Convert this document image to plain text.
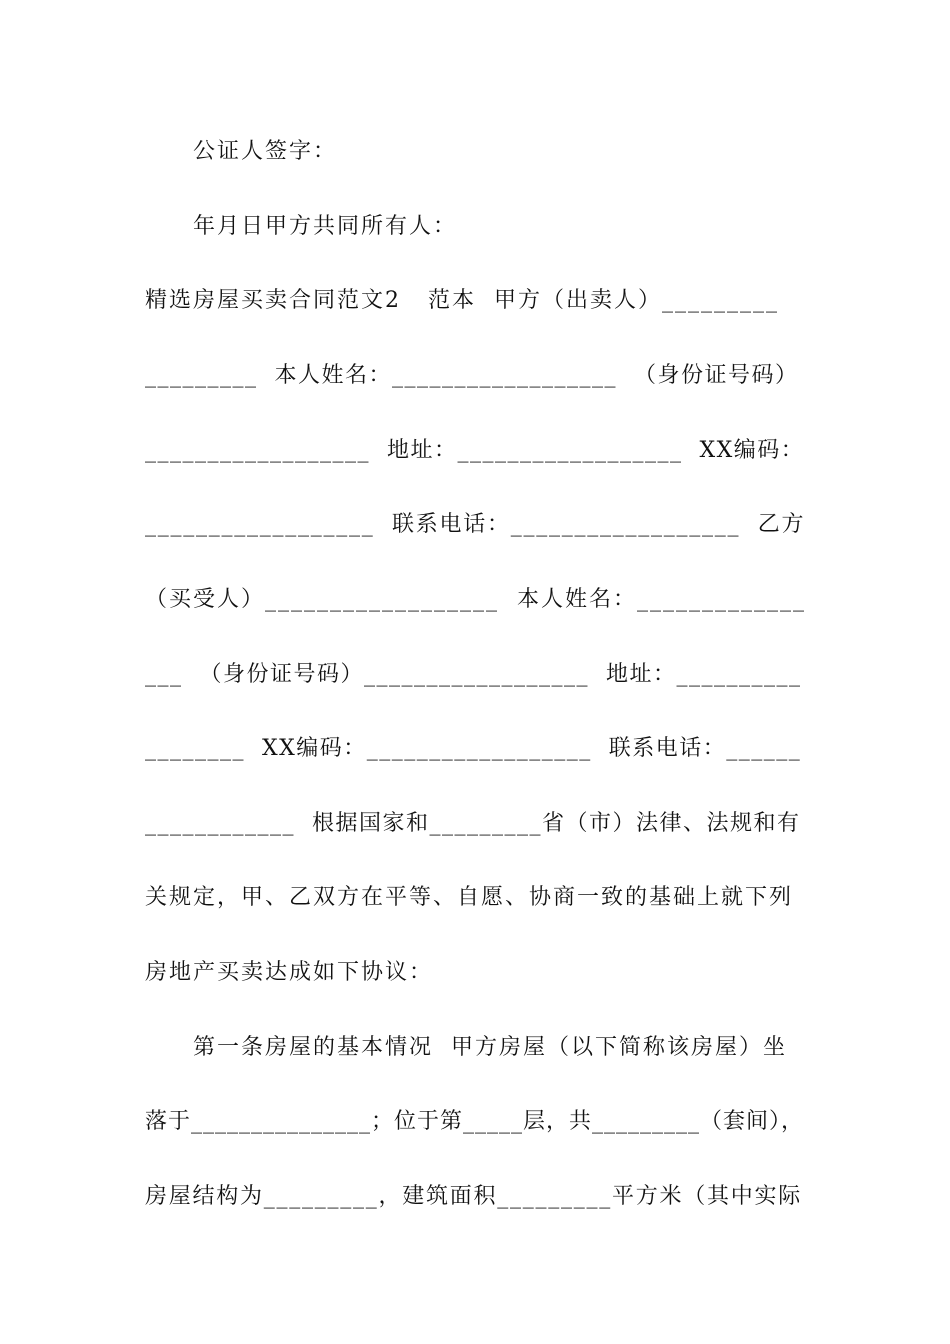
公证人签字：
年月日甲方共同所有人：
精选房屋买卖合同范文2   范本  甲方（出卖人）_________
_________  本人姓名：__________________  （身份证号码）
__________________  地址：__________________  XX编码：
__________________  联系电话：__________________  乙方
（买受人）__________________  本人姓名：_____________
___  （身份证号码）__________________  地址：__________
________  XX编码：__________________  联系电话：______
____________  根据国家和_________省（市）法律、法规和有
关规定，甲、乙双方在平等、自愿、协商一致的基础上就下列
房地产买卖达成如下协议：
第一条房屋的基本情况  甲方房屋（以下简称该房屋）坐
落于_______________；位于第_____层，共_________（套间），
房屋结构为_________，建筑面积_________平方米（其中实际
